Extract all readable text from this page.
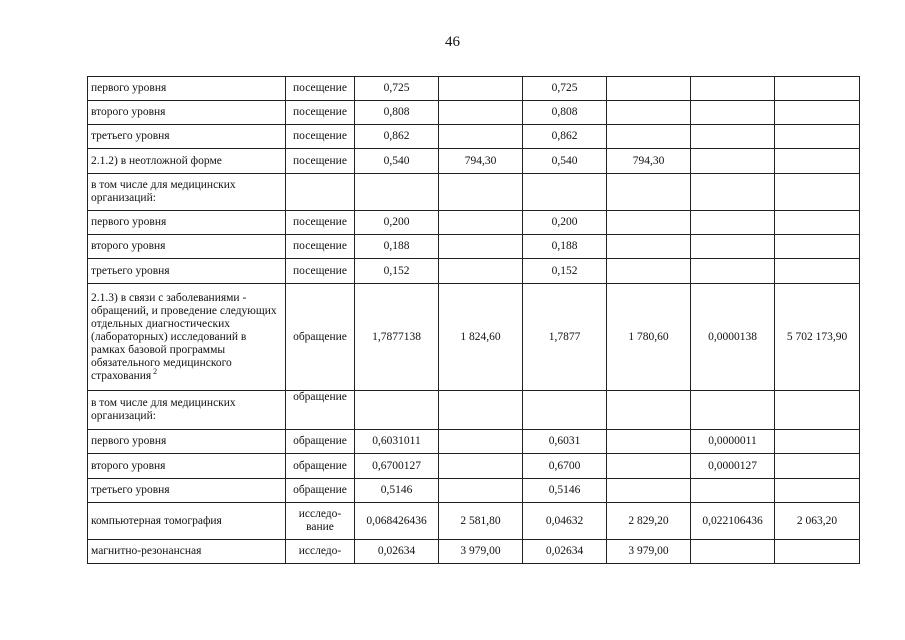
46
первого уровня	посещение	0,725		0,725			
второго уровня	посещение	0,808		0,808			
третьего уровня	посещение	0,862		0,862			
2.1.2) в неотложной форме	посещение	0,540	794,30	0,540	794,30		
в том числе для медицинских организаций:							
первого уровня	посещение	0,200		0,200			
второго уровня	посещение	0,188		0,188			
третьего уровня	посещение	0,152		0,152			
2.1.3) в связи с заболеваниями - обращений, и проведение следующих отдельных диагностических (лабораторных) исследований в рамках базовой программы обязательного медицинского страхования $^2$	обращение	1,7877138	1 824,60	1,7877	1 780,60	0,0000138	5 702 173,90
в том числе для медицинских организаций:	обращение						
первого уровня	обращение	0,6031011		0,6031		0,0000011	
второго уровня	обращение	0,6700127		0,6700		0,0000127	
третьего уровня	обращение	0,5146		0,5146			
компьютерная томография	исследо-вание	0,068426436	2 581,80	0,04632	2 829,20	0,022106436	2 063,20
магнитно-резонансная	исследо-	0,02634	3 979,00	0,02634	3 979,00		
